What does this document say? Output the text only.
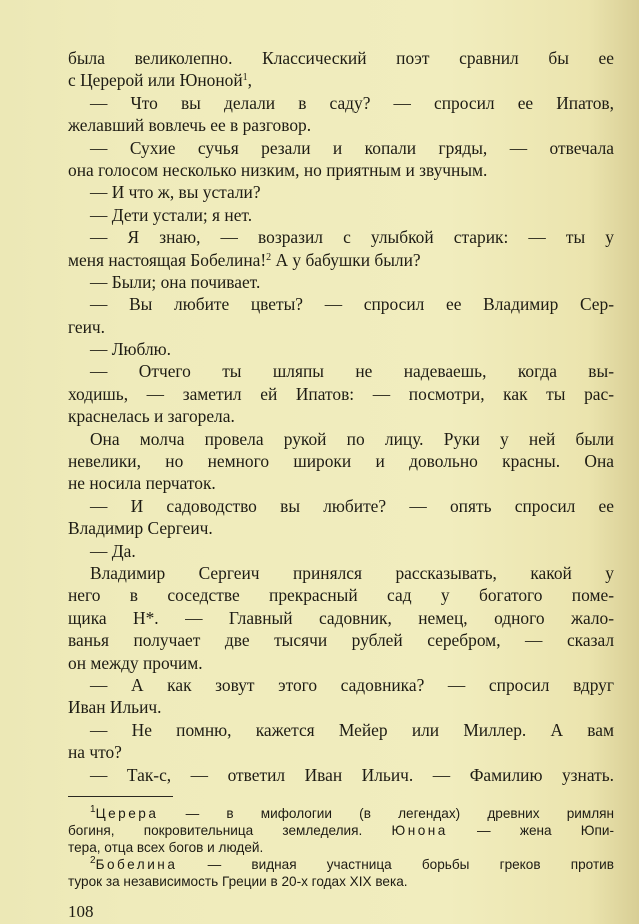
была великолепно. Классический поэт сравнил бы ее
с Церерой или Юноной$^1$,
— Что вы делали в саду? — спросил ее Ипатов,
желавший вовлечь ее в разговор.
— Сухие сучья резали и копали гряды, — отвечала
она голосом несколько низким, но приятным и звучным.
— И что ж, вы устали?
— Дети устали; я нет.
— Я знаю, — возразил с улыбкой старик: — ты у
меня настоящая Бобелина!$^2$ А у бабушки были?
— Были; она почивает.
— Вы любите цветы? — спросил ее Владимир Сер-
геич.
— Люблю.
— Отчего ты шляпы не надеваешь, когда вы-
ходишь, — заметил ей Ипатов: — посмотри, как ты рас-
краснелась и загорела.
Она молча провела рукой по лицу. Руки у ней были
невелики, но немного широки и довольно красны. Она
не носила перчаток.
— И садоводство вы любите? — опять спросил ее
Владимир Сергеич.
— Да.
Владимир Сергеич принялся рассказывать, какой у
него в соседстве прекрасный сад у богатого поме-
щика Н*. — Главный садовник, немец, одного жало-
ванья получает две тысячи рублей серебром, — сказал
он между прочим.
— А как зовут этого садовника? — спросил вдруг
Иван Ильич.
— Не помню, кажется Мейер или Миллер. А вам
на что?
— Так-с, — ответил Иван Ильич. — Фамилию узнать.
$^1$Церера — в мифологии (в легендах) древних римлян
богиня, покровительница земледелия. Юнона — жена Юпи-
тера, отца всех богов и людей.
$^2$Бобелина — видная участница борьбы греков против
турок за независимость Греции в 20-х годах XIX века.
108
